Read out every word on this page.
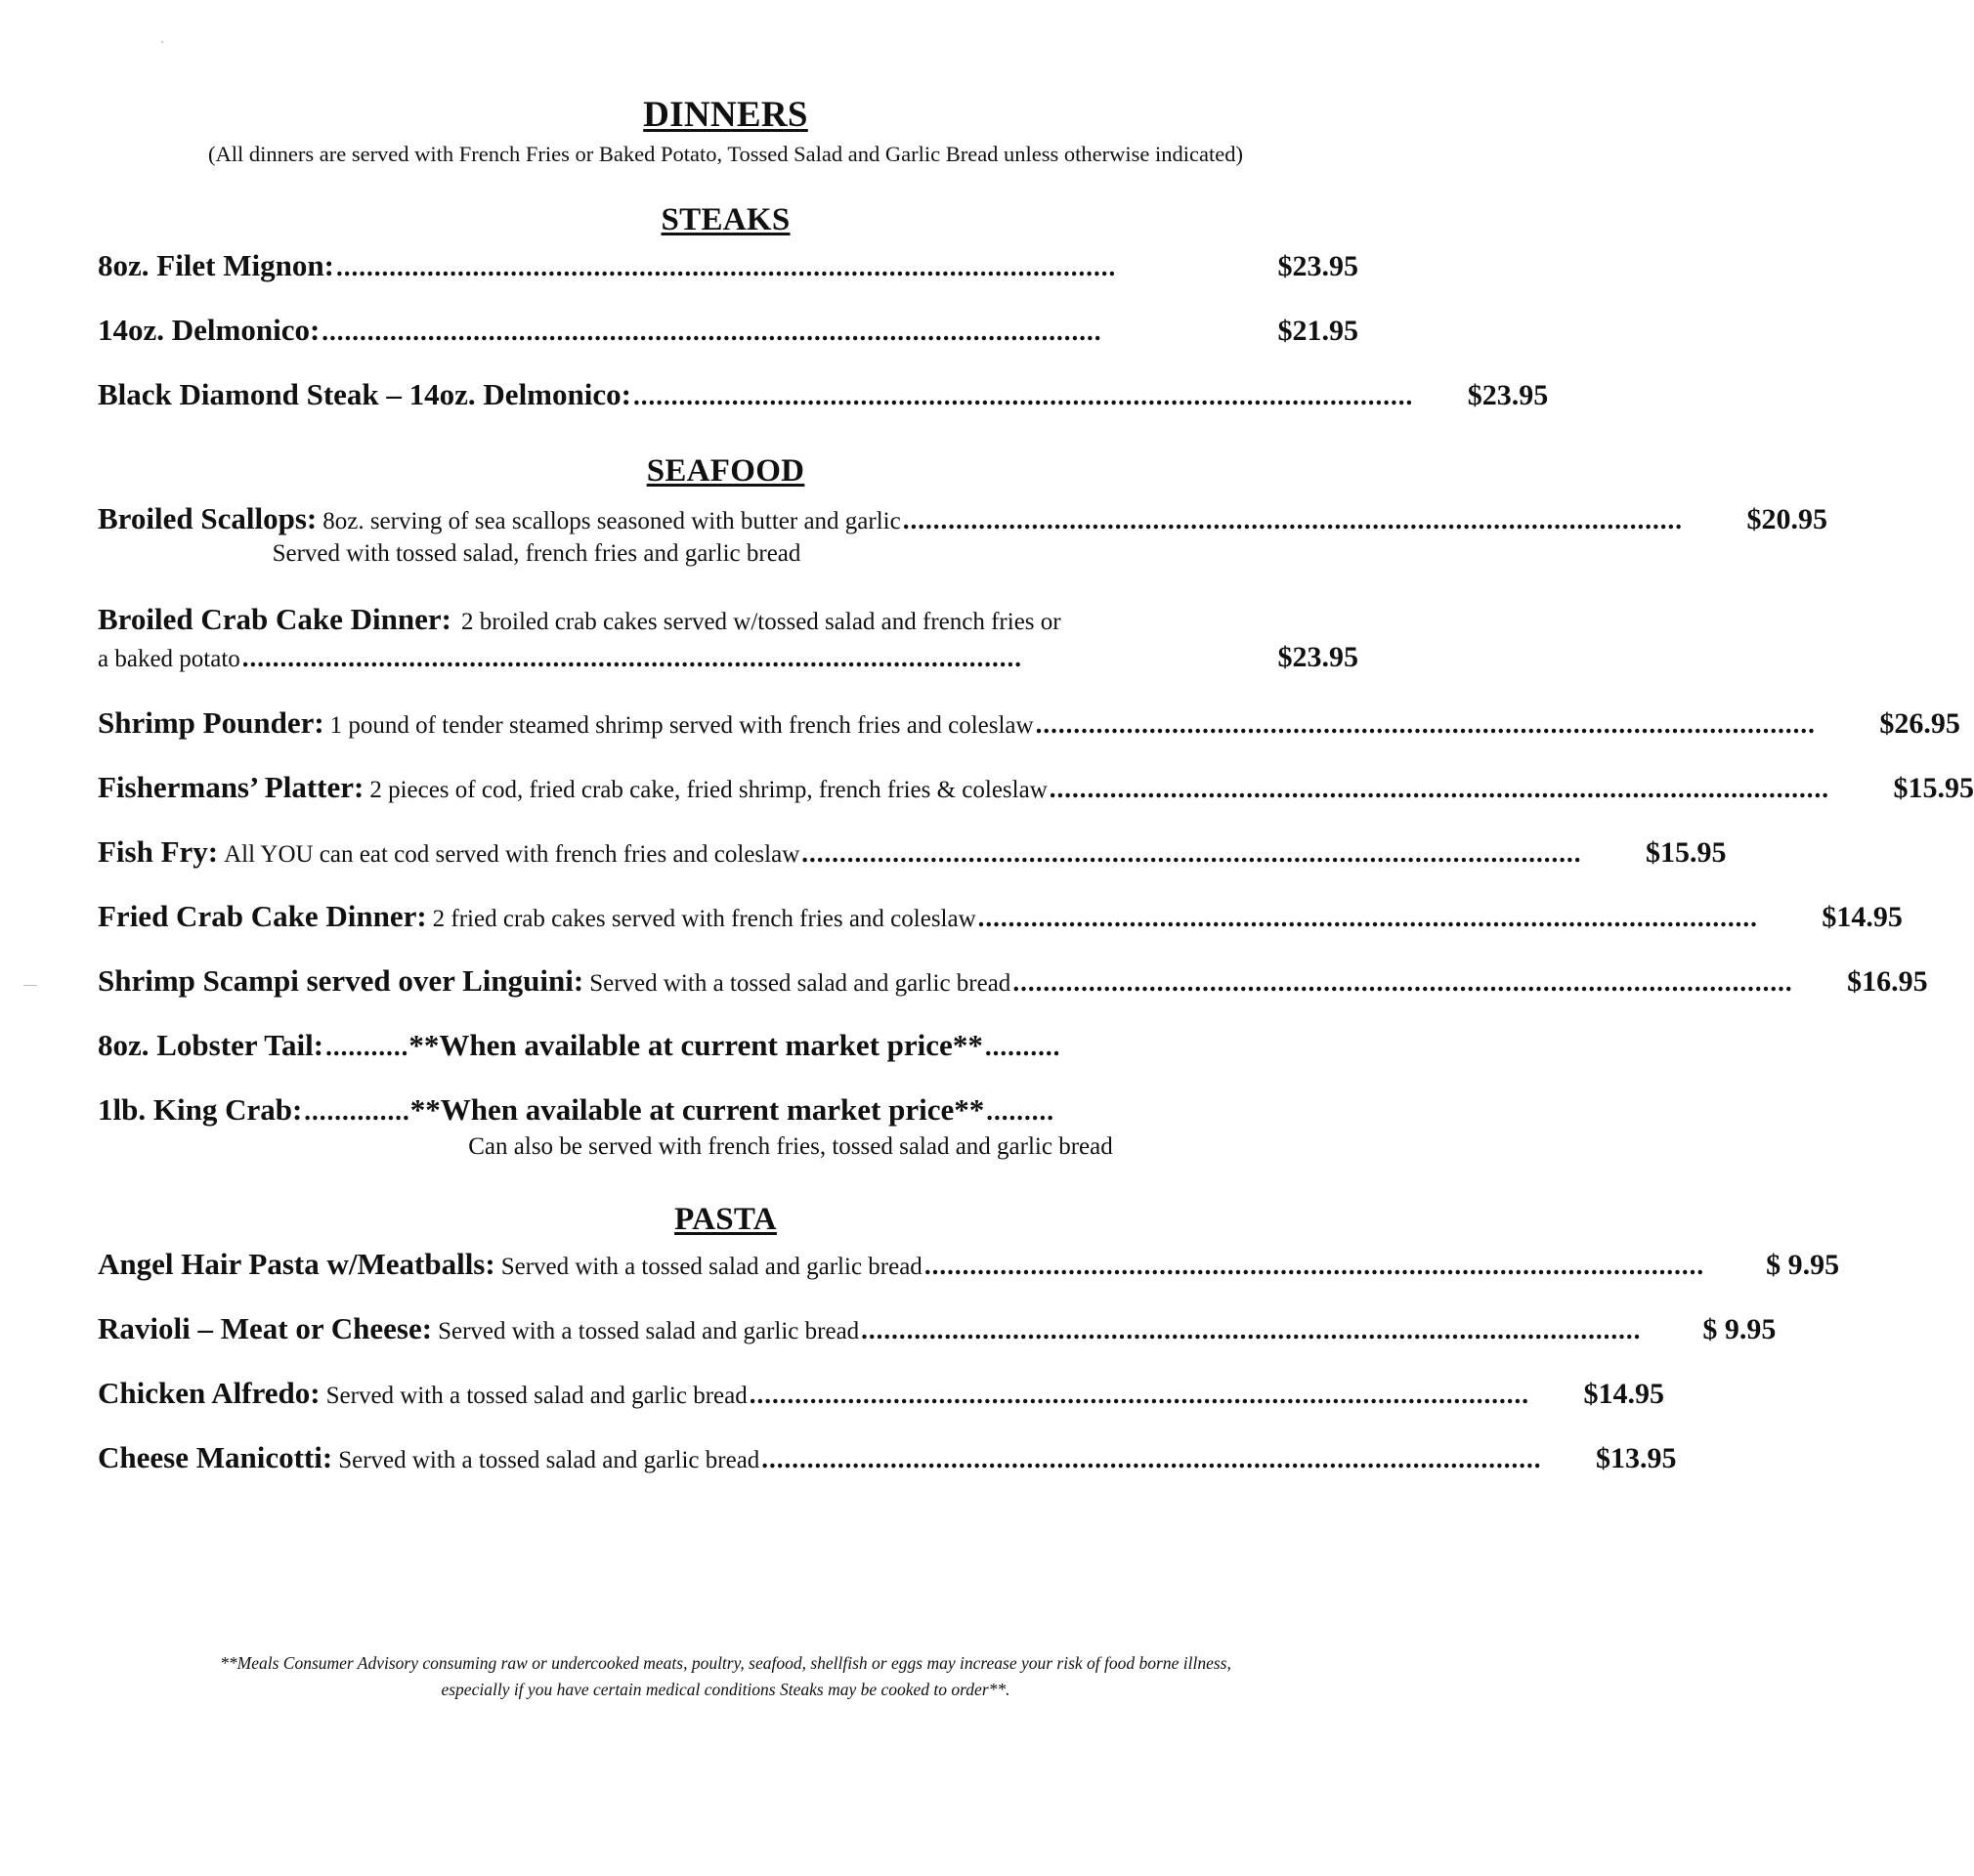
DINNERS
(All dinners are served with French Fries or Baked Potato, Tossed Salad and Garlic Bread unless otherwise indicated)
STEAKS
8oz. Filet Mignon: .......................................................................................................	$23.95
14oz. Delmonico: .......................................................................................................	$21.95
Black Diamond Steak – 14oz. Delmonico: .......................................................................................................	$23.95
SEAFOOD
Broiled Scallops: 8oz. serving of sea scallops seasoned with butter and garlic .......................................................................................................	$20.95
Served with tossed salad, french fries and garlic bread
Broiled Crab Cake Dinner: 2 broiled crab cakes served w/tossed salad and french fries or
a baked potato .......................................................................................................	$23.95
Shrimp Pounder: 1 pound of tender steamed shrimp served with french fries and coleslaw .......................................................................................................	$26.95
Fishermans’ Platter: 2 pieces of cod, fried crab cake, fried shrimp, french fries & coleslaw .......................................................................................................	$15.95
Fish Fry: All YOU can eat cod served with french fries and coleslaw .......................................................................................................	$15.95
Fried Crab Cake Dinner: 2 fried crab cakes served with french fries and coleslaw .......................................................................................................	$14.95
Shrimp Scampi served over Linguini: Served with a tossed salad and garlic bread .......................................................................................................	$16.95
8oz. Lobster Tail:...........**When available at current market price**..........
1lb. King Crab:..............**When available at current market price**.........
Can also be served with french fries, tossed salad and garlic bread
PASTA
Angel Hair Pasta w/Meatballs: Served with a tossed salad and garlic bread .......................................................................................................	$ 9.95
Ravioli – Meat or Cheese: Served with a tossed salad and garlic bread .......................................................................................................	$ 9.95
Chicken Alfredo: Served with a tossed salad and garlic bread .......................................................................................................	$14.95
Cheese Manicotti: Served with a tossed salad and garlic bread .......................................................................................................	$13.95
**Meals Consumer Advisory consuming raw or undercooked meats, poultry, seafood, shellfish or eggs may increase your risk of food borne illness,
especially if you have certain medical conditions Steaks may be cooked to order**.
